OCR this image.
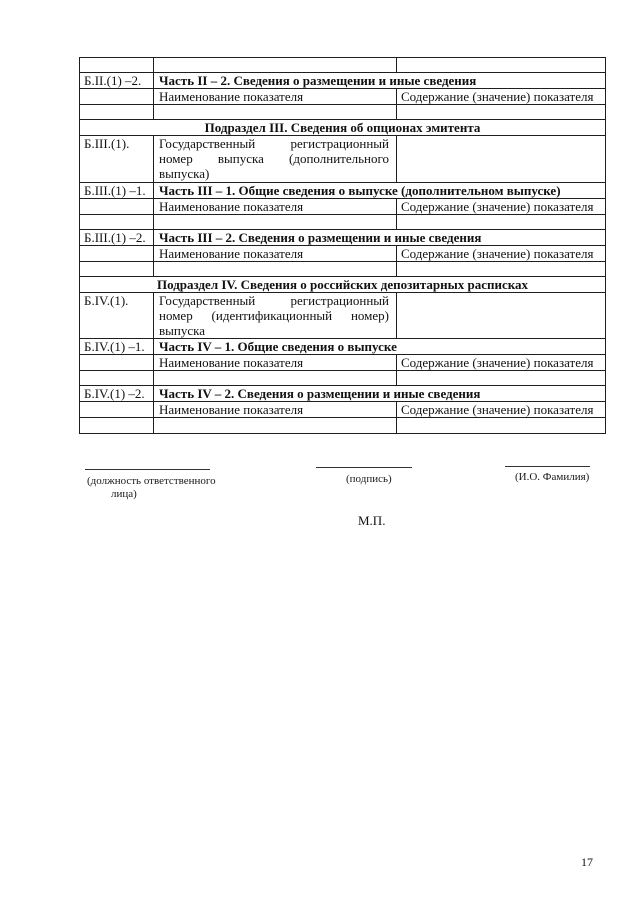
Б.II.(1) –2.	Часть II – 2. Сведения о размещении и иные сведения	
	Наименование показателя	Содержание (значение) показателя

Подраздел III. Сведения об опционах эмитента		
Б.III.(1).	Государственный регистрационный
номер выпуска (дополнительного
выпуска)	

Б.III.(1) –1.	Часть III – 1. Общие сведения о выпуске (дополнительном выпуске)	
	Наименование показателя	Содержание (значение) показателя

Б.III.(1) –2.	Часть III – 2. Сведения о размещении и иные сведения	
	Наименование показателя	Содержание (значение) показателя

Подраздел IV. Сведения о российских депозитарных расписках		
Б.IV.(1).	Государственный регистрационный
номер (идентификационный номер)
выпуска	

Б.IV.(1) –1.	Часть IV – 1. Общие сведения о выпуске	
	Наименование показателя	Содержание (значение) показателя

Б.IV.(1) –2.	Часть IV – 2. Сведения о размещении и иные сведения	
	Наименование показателя	Содержание (значение) показателя

(должность ответственного
лица)
(подпись)	(И.О. Фамилия)
М.П.
17
